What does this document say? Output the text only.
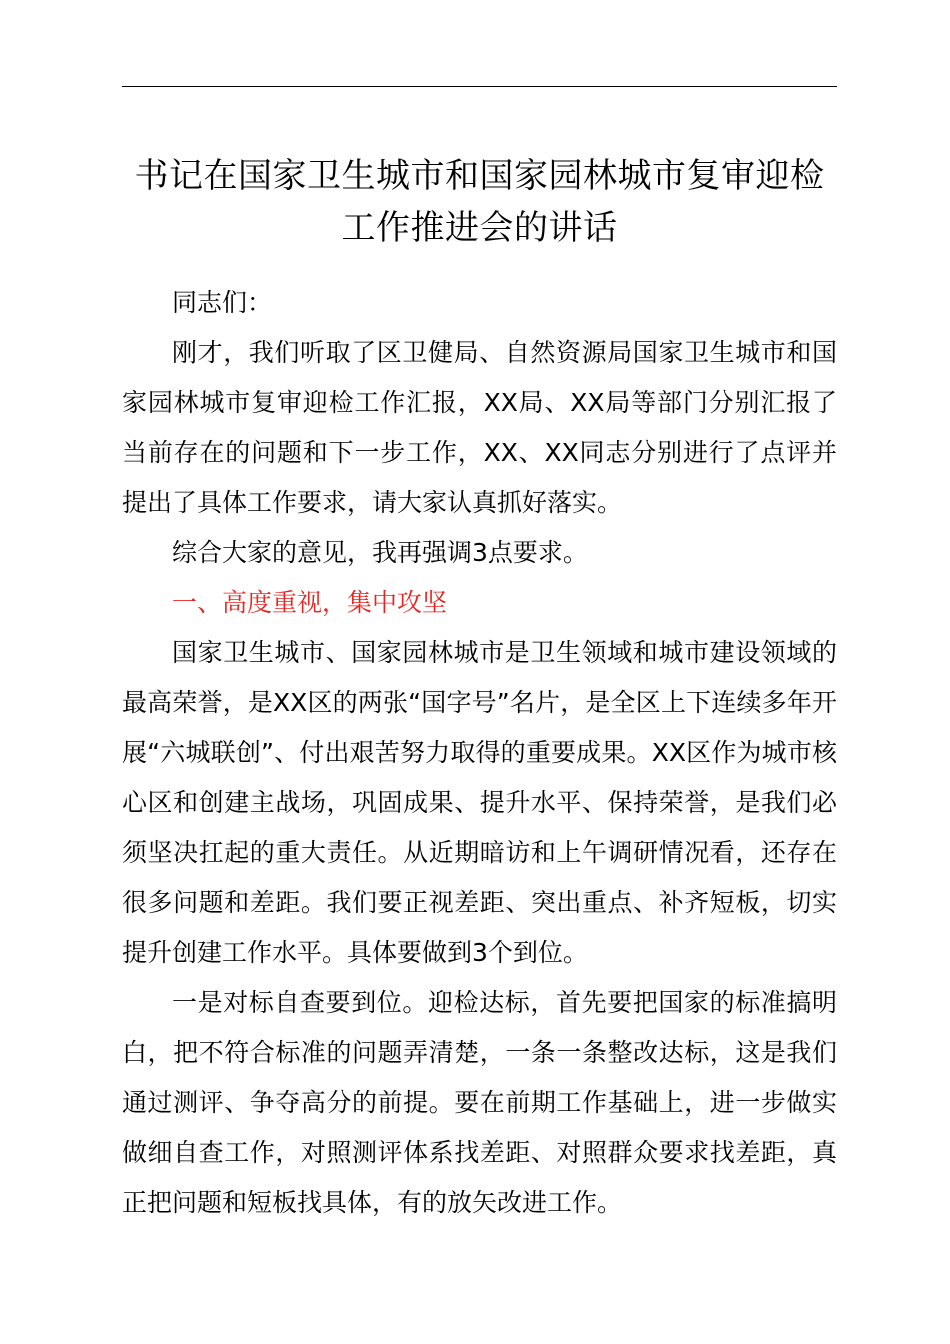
书记在国家卫生城市和国家园林城市复审迎检
工作推进会的讲话

同志们：

刚才，我们听取了区卫健局、自然资源局国家卫生城市和国家园林城市复审迎检工作汇报，XX局、XX局等部门分别汇报了当前存在的问题和下一步工作，XX、XX同志分别进行了点评并提出了具体工作要求，请大家认真抓好落实。

综合大家的意见，我再强调3点要求。

一、高度重视，集中攻坚

国家卫生城市、国家园林城市是卫生领域和城市建设领域的最高荣誉，是XX区的两张“国字号”名片，是全区上下连续多年开展“六城联创”、付出艰苦努力取得的重要成果。XX区作为城市核心区和创建主战场，巩固成果、提升水平、保持荣誉，是我们必须坚决扛起的重大责任。从近期暗访和上午调研情况看，还存在很多问题和差距。我们要正视差距、突出重点、补齐短板，切实提升创建工作水平。具体要做到3个到位。

一是对标自查要到位。迎检达标，首先要把国家的标准搞明白，把不符合标准的问题弄清楚，一条一条整改达标，这是我们通过测评、争夺高分的前提。要在前期工作基础上，进一步做实做细自查工作，对照测评体系找差距、对照群众要求找差距，真正把问题和短板找具体，有的放矢改进工作。
